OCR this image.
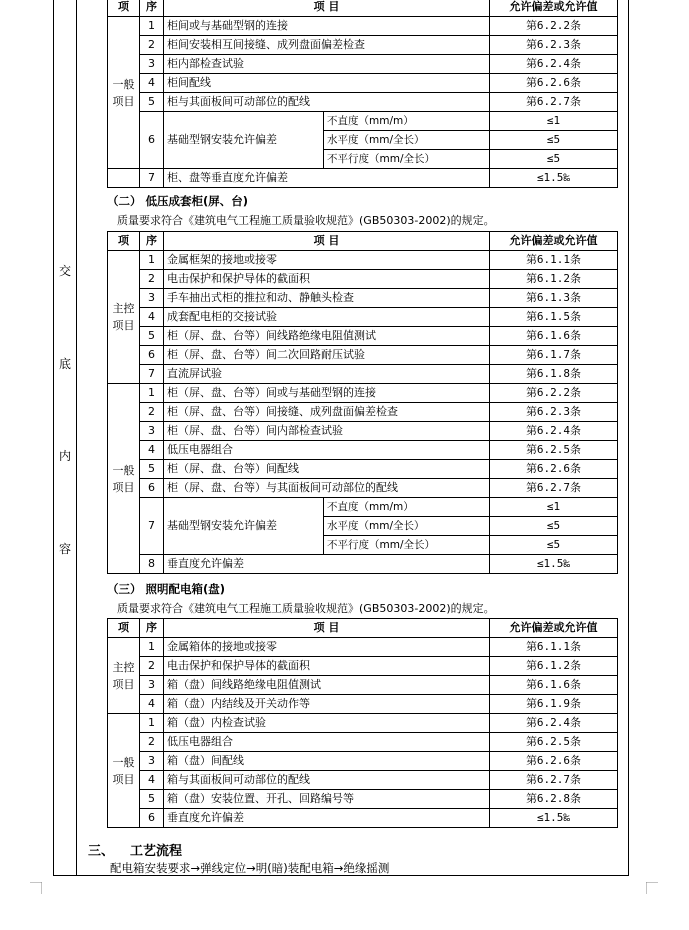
交
底
内
容
项	序	项 目		允许偏差或允许值

一般项目	1	柜间或与基础型钢的连接		第6.2.2条
	2	柜间安装相互间接缝、成列盘面偏差检查		第6.2.3条
	3	柜内部检查试验		第6.2.4条
	4	柜间配线		第6.2.6条
	5	柜与其面板间可动部位的配线		第6.2.7条
	6	基础型钢安装允许偏差	不直度（mm/m）	≤1
			水平度（mm/全长）	≤5
			不平行度（mm/全长）	≤5
	7	柜、盘等垂直度允许偏差		≤1.5‰
（二） 低压成套柜(屏、台)
质量要求符合《建筑电气工程施工质量验收规范》(GB50303-2002)的规定。
项	序	项 目		允许偏差或允许值

主控项目	1	金属框架的接地或接零		第6.1.1条
	2	电击保护和保护导体的截面积		第6.1.2条
	3	手车抽出式柜的推拉和动、静触头检查		第6.1.3条
	4	成套配电柜的交接试验		第6.1.5条
	5	柜（屏、盘、台等）间线路绝缘电阻值测试		第6.1.6条
	6	柜（屏、盘、台等）间二次回路耐压试验		第6.1.7条
	7	直流屏试验		第6.1.8条

一般项目	1	柜（屏、盘、台等）间或与基础型钢的连接		第6.2.2条
	2	柜（屏、盘、台等）间接缝、成列盘面偏差检查		第6.2.3条
	3	柜（屏、盘、台等）间内部检查试验		第6.2.4条
	4	低压电器组合		第6.2.5条
	5	柜（屏、盘、台等）间配线		第6.2.6条
	6	柜（屏、盘、台等）与其面板间可动部位的配线		第6.2.7条
	7	基础型钢安装允许偏差	不直度（mm/m）	≤1
			水平度（mm/全长）	≤5
			不平行度（mm/全长）	≤5
	8	垂直度允许偏差		≤1.5‰
（三） 照明配电箱(盘)
质量要求符合《建筑电气工程施工质量验收规范》(GB50303-2002)的规定。
项	序	项 目	允许偏差或允许值

主控项目	1	金属箱体的接地或接零	第6.1.1条
	2	电击保护和保护导体的截面积	第6.1.2条
	3	箱（盘）间线路绝缘电阻值测试	第6.1.6条
	4	箱（盘）内结线及开关动作等	第6.1.9条

一般项目	1	箱（盘）内检查试验	第6.2.4条
	2	低压电器组合	第6.2.5条
	3	箱（盘）间配线	第6.2.6条
	4	箱与其面板间可动部位的配线	第6.2.7条
	5	箱（盘）安装位置、开孔、回路编号等	第6.2.8条
	6	垂直度允许偏差	≤1.5‰
三、 工艺流程
配电箱安装要求→弹线定位→明(暗)装配电箱→绝缘摇测
